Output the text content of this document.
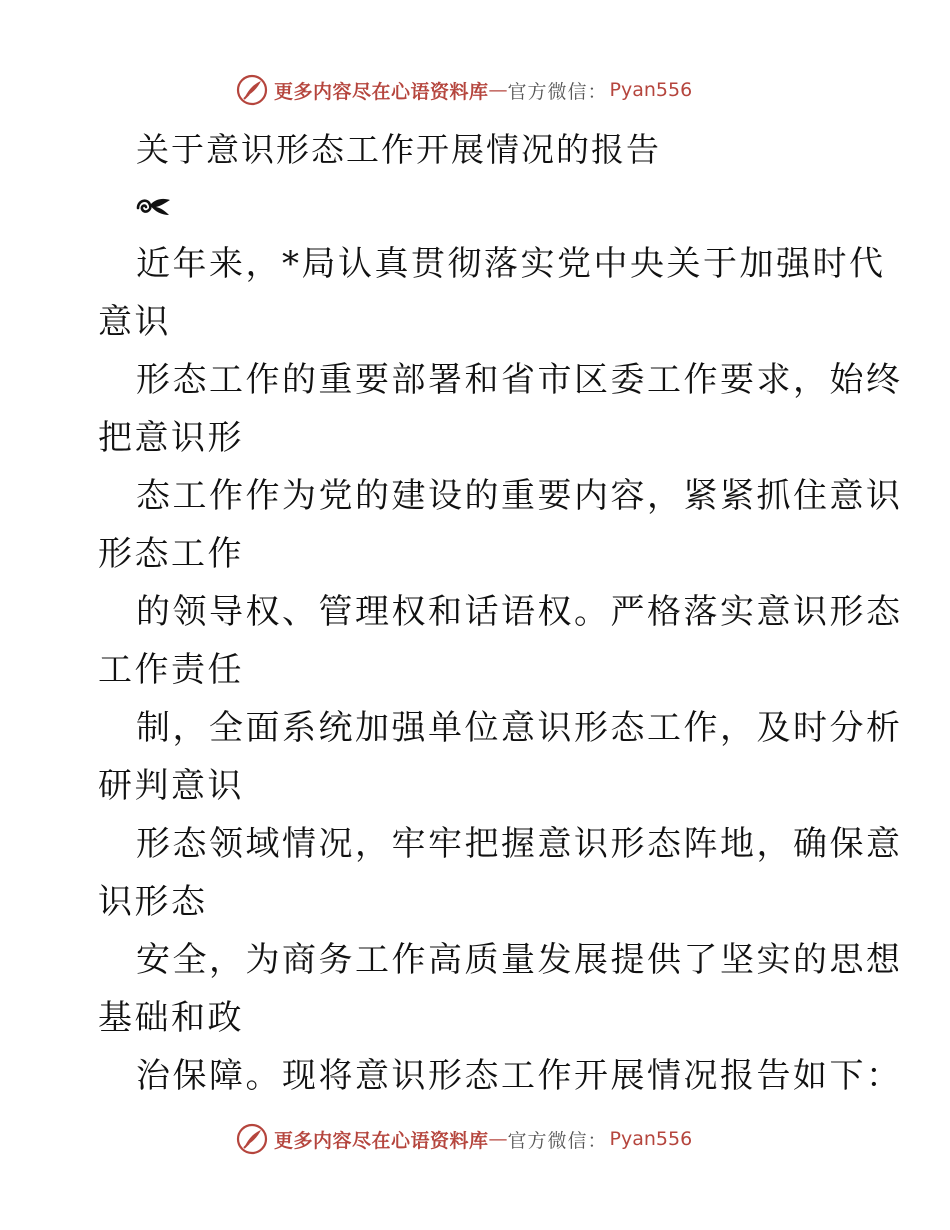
更多内容尽在心语资料库 — 官方微信： Pyan556
关于意识形态工作开展情况的报告
近年来，*局认真贯彻落实党中央关于加强时代
意识
形态工作的重要部署和省市区委工作要求，始终
把意识形
态工作作为党的建设的重要内容，紧紧抓住意识
形态工作
的领导权、管理权和话语权。严格落实意识形态
工作责任
制，全面系统加强单位意识形态工作，及时分析
研判意识
形态领域情况，牢牢把握意识形态阵地，确保意
识形态
安全，为商务工作高质量发展提供了坚实的思想
基础和政
治保障。现将意识形态工作开展情况报告如下：
更多内容尽在心语资料库 — 官方微信： Pyan556
